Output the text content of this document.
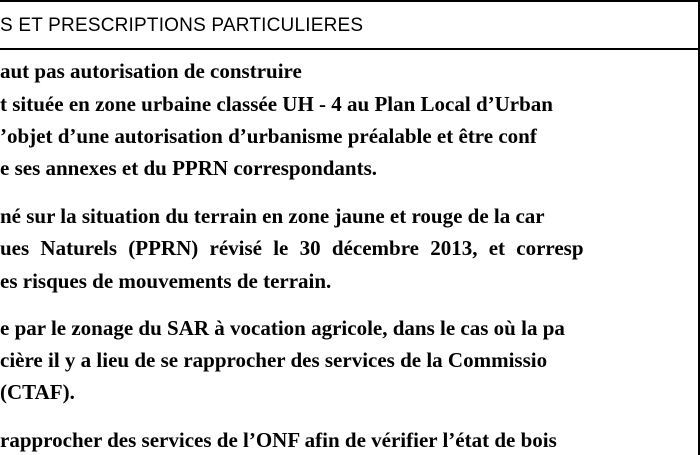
S ET PRESCRIPTIONS PARTICULIERES
aut pas autorisation de construire
t située en zone urbaine classée UH - 4 au Plan Local d’Urban
’objet d’une autorisation d’urbanisme préalable et être conf
e ses annexes et du PPRN correspondants.
né sur la situation du terrain en zone jaune et rouge de la car
ues Naturels (PPRN) révisé le 30 décembre 2013, et corresp
es risques de mouvements de terrain.
e par le zonage du SAR à vocation agricole, dans le cas où la pa
cière il y a lieu de se rapprocher des services de la Commissio
(CTAF).
rapprocher des services de l’ONF afin de vérifier l’état de bois
